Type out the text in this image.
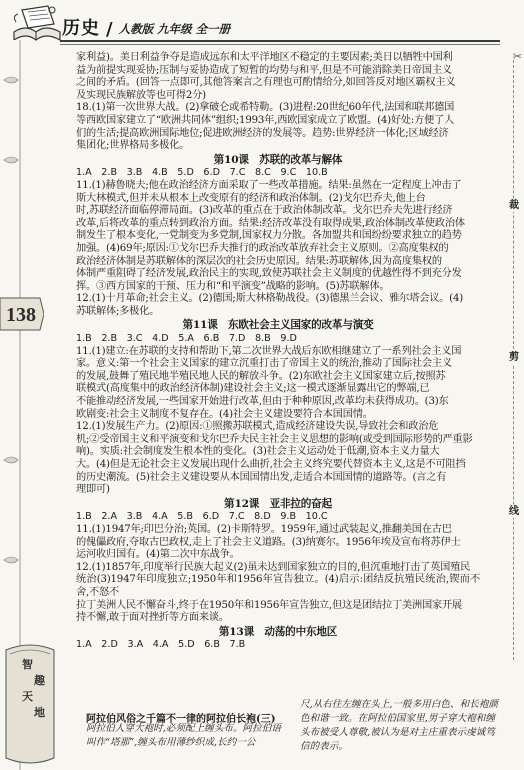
历史 / 人教版 九年级 全一册
138
✂
裁
剪
线

家利益)。美日利益争夺是造成远东和太平洋地区不稳定的主要因素;美日以牺牲中国利

益为前提实现妥协;压制与妥协造成了短暂的均势与和平,但是不可能消除美日帝国主义

之间的矛盾。(回答一点即可,其他答案言之有理也可酌情给分,如回答反对地区霸权主义

及实现民族解放等也可得2分)

18.(1)第一次世界大战。(2)拿破仑或希特勒。(3)进程:20世纪60年代,法国和联邦德国

等西欧国家建立了“欧洲共同体”组织;1993年,西欧国家成立了欧盟。(4)好处:方便了人

们的生活;提高欧洲国际地位;促进欧洲经济的发展等。趋势:世界经济一体化;区域经济

集团化;世界格局多极化。

第10课　苏联的改革与解体

1.A　2.B　3.B　4.B　5.D　6.D　7.C　8.C　9.C　10.B

11.(1)赫鲁晓夫;他在政治经济方面采取了一些改革措施。结果:虽然在一定程度上冲击了

斯大林模式,但并未从根本上改变原有的经济和政治体制。(2)戈尔巴乔夫,他上台

时,苏联经济面临停滞局面。(3)改革的重点在于政治体制改革。戈尔巴乔夫先进行经济

改革,后将改革的重点转到政治方面。结果:经济改革没有取得成果,政治体制改革使政治体

制发生了根本变化,一党制变为多党制,国家权力分散。各加盟共和国纷纷要求独立的趋势

加强。(4)69年;原因:①戈尔巴乔夫推行的政治改革放弃社会主义原则。②高度集权的

政治经济体制是苏联解体的深层次的社会历史原因。结果:苏联解体,因为高度集权的

体制严重阻碍了经济发展,政治民主的实现,致使苏联社会主义制度的优越性得不到充分发

挥。③西方国家的干预、压力和“和平演变”战略的影响。(5)苏联解体。

12.(1)十月革命;社会主义。(2)德国;斯大林格勒战役。(3)德黑兰会议、雅尔塔会议。(4)

苏联解体;多极化。

第11课　东欧社会主义国家的改革与演变

1.B　2.B　3.C　4.D　5.A　6.B　7.D　8.B　9.D

11.(1)建立:在苏联的支持和帮助下,第二次世界大战后东欧相继建立了一系列社会主义国

家。意义:第一个社会主义国家的建立沉重打击了帝国主义的统治,推动了国际社会主义

的发展,鼓舞了殖民地半殖民地人民的解放斗争。(2)东欧社会主义国家建立后,按照苏

联模式(高度集中的政治经济体制)建设社会主义;这一模式逐渐显露出它的弊端,已

不能推动经济发展,一些国家开始进行改革,但由于种种原因,改革均未获得成功。(3)东

欧剧变:社会主义制度不复存在。(4)社会主义建设要符合本国国情。

12.(1)发展生产力。(2)原因:①照搬苏联模式,造成经济建设失误,导致社会和政治危

机;②受帝国主义和平演变和戈尔巴乔夫民主社会主义思想的影响(或受到国际形势的严重影

响)。实质:社会制度发生根本性的变化。(3)社会主义运动处于低潮,资本主义力量大

大。(4)但是无论社会主义发展出现什么曲折,社会主义终究要代替资本主义,这是不可阻挡

的历史潮流。(5)社会主义建设要从本国国情出发,走适合本国国情的道路等。(言之有

理即可)

第12课　亚非拉的奋起

1.B　2.A　3.B　4.A　5.B　6.D　7.C　8.D　9.B　10.C

11.(1)1947年;印巴分治;英国。(2)卡斯特罗。1959年,通过武装起义,推翻美国在古巴

的傀儡政府,夺取古巴政权,走上了社会主义道路。(3)纳赛尔。1956年埃及宣布将苏伊士

运河收归国有。(4)第二次中东战争。

12.(1)1857年,印度举行民族大起义(2)虽未达到国家独立的目的,但沉重地打击了英国殖民

统治(3)1947年印度独立;1950年和1956年宣告独立。(4)启示:团结反抗殖民统治,锲而不舍,不怒不

拉丁美洲人民不懈奋斗,终于在1950年和1956年宣告独立,但这是团结拉丁美洲国家开展

持不懈,敢于面对挫折等方面来谈。

第13课　动荡的中东地区

1.A　2.D　3.A　4.A　5.D　6.B　7.B

智
趣
天
地
阿拉伯风俗之千篇不一律的阿拉伯长袍(三)
阿拉伯人穿大袍时,必须配上缠头布。阿拉伯语叫作“塔那”,缠头布用薄纱织成,长约一公
尺,从右往左缠在头上,一般多用白色、和长袍颜色和谐一致。在阿拉伯国家里,男子穿大袍和缠头布被受人尊敬,被认为是对主庄重表示虔诚笃信的表示。
